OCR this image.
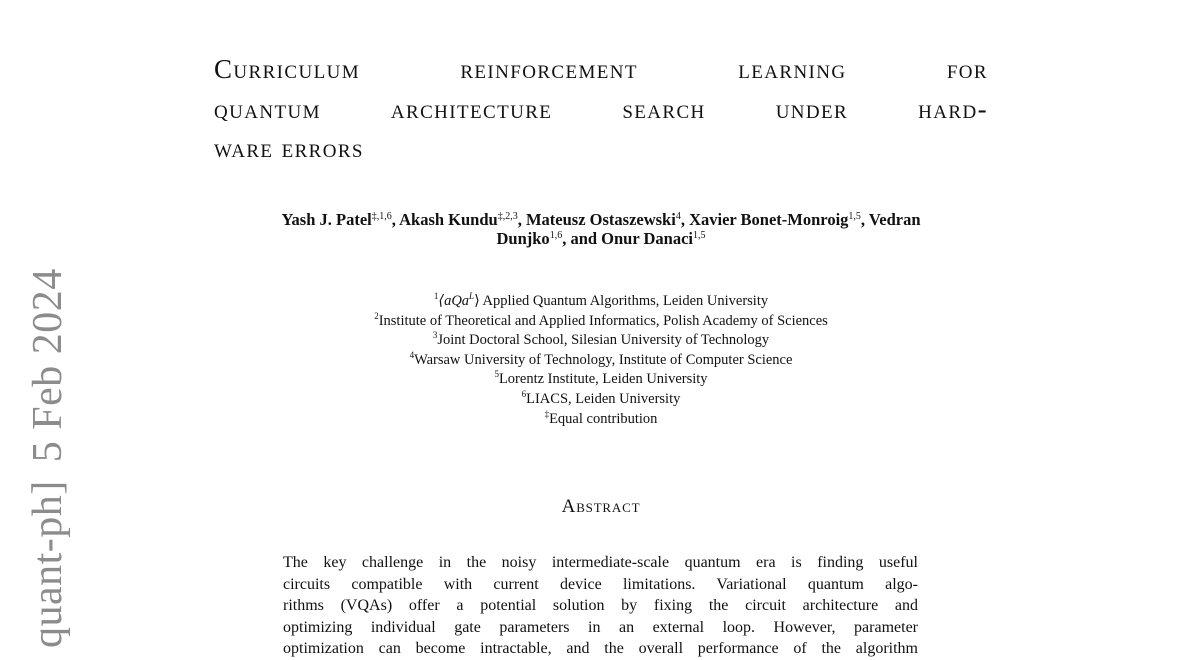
quant-ph]5 Feb 2024
Curriculum	reinforcement	learning	for
quantum	architecture	search	under	hard-
ware errors
Yash J. Patel$^{\ddagger,1,6}$, Akash Kundu$^{\ddagger,2,3}$, Mateusz Ostaszewski$^4$, Xavier Bonet-Monroig$^{1,5}$, Vedran
Dunjko$^{1,6}$, and Onur Danaci$^{1,5}$
$^1$⟨aQa$^L$⟩ Applied Quantum Algorithms, Leiden University
$^2$Institute of Theoretical and Applied Informatics, Polish Academy of Sciences
$^3$Joint Doctoral School, Silesian University of Technology
$^4$Warsaw University of Technology, Institute of Computer Science
$^5$Lorentz Institute, Leiden University
$^6$LIACS, Leiden University
‡Equal contribution
Abstract
The key challenge in the noisy intermediate-scale quantum era is finding useful
circuits compatible with current device limitations. Variational quantum algo-
rithms (VQAs) offer a potential solution by fixing the circuit architecture and
optimizing individual gate parameters in an external loop. However, parameter
optimization can become intractable, and the overall performance of the algorithm
